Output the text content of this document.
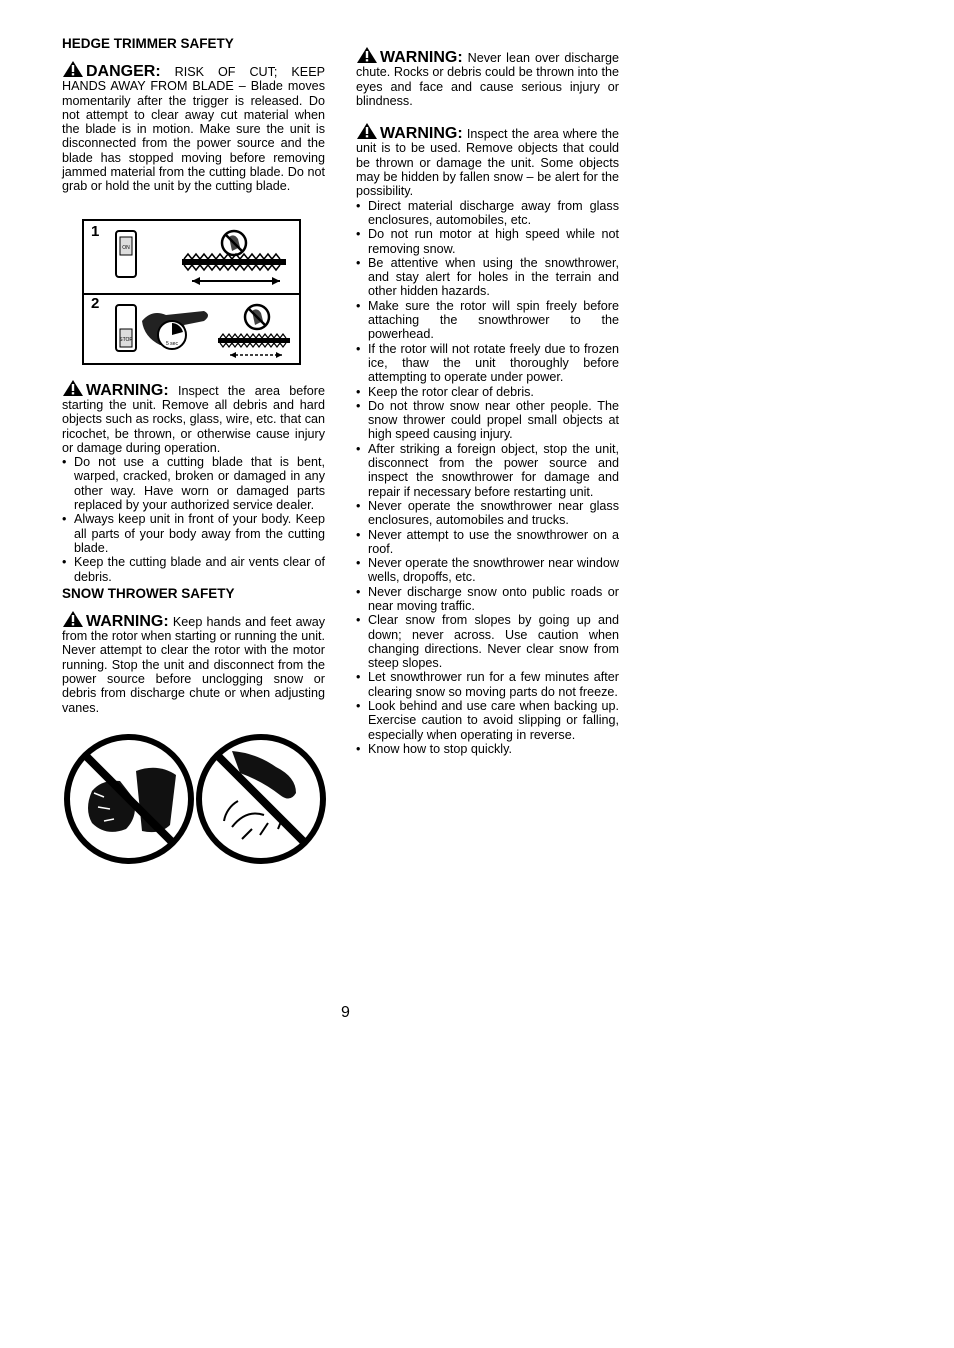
HEDGE TRIMMER SAFETY

DANGER: RISK OF CUT; KEEP HANDS AWAY FROM BLADE – Blade moves momentarily after the trigger is released. Do not attempt to clear away cut material when the blade is in motion. Make sure the unit is disconnected from the power source and the blade has stopped moving before removing jammed material from the cutting blade. Do not grab or hold the unit by the cutting blade.

1
2
ON
STOP
5 sec

WARNING: Inspect the area before starting the unit. Remove all debris and hard objects such as rocks, glass, wire, etc. that can ricochet, be thrown, or otherwise cause injury or damage during operation.

• Do not use a cutting blade that is bent, warped, cracked, broken or damaged in any other way. Have worn or damaged parts replaced by your authorized service dealer.
• Always keep unit in front of your body. Keep all parts of your body away from the cutting blade.
• Keep the cutting blade and air vents clear of debris.
SNOW THROWER SAFETY

WARNING: Keep hands and feet away from the rotor when starting or running the unit. Never attempt to clear the rotor with the motor running. Stop the unit and disconnect from the power source before unclogging snow or debris from discharge chute or when adjusting vanes.

WARNING: Never lean over discharge chute. Rocks or debris could be thrown into the eyes and face and cause serious injury or blindness.

WARNING: Inspect the area where the unit is to be used. Remove objects that could be thrown or damage the unit. Some objects may be hidden by fallen snow – be alert for the possibility.

• Direct material discharge away from glass enclosures, automobiles, etc.
• Do not run motor at high speed while not removing snow.
• Be attentive when using the snowthrower, and stay alert for holes in the terrain and other hidden hazards.
• Make sure the rotor will spin freely before attaching the snowthrower to the powerhead.
• If the rotor will not rotate freely due to frozen ice, thaw the unit thoroughly before attempting to operate under power.
• Keep the rotor clear of debris.
• Do not throw snow near other people. The snow thrower could propel small objects at high speed causing injury.
• After striking a foreign object, stop the unit, disconnect from the power source and inspect the snowthrower for damage and repair if necessary before restarting unit.
• Never operate the snowthrower near glass enclosures, automobiles and trucks.
• Never attempt to use the snowthrower on a roof.
• Never operate the snowthrower near window wells, dropoffs, etc.
• Never discharge snow onto public roads or near moving traffic.
• Clear snow from slopes by going up and down; never across. Use caution when changing directions. Never clear snow from steep slopes.
• Let snowthrower run for a few minutes after clearing snow so moving parts do not freeze.
• Look behind and use care when backing up. Exercise caution to avoid slipping or falling, especially when operating in reverse.
• Know how to stop quickly.
9
